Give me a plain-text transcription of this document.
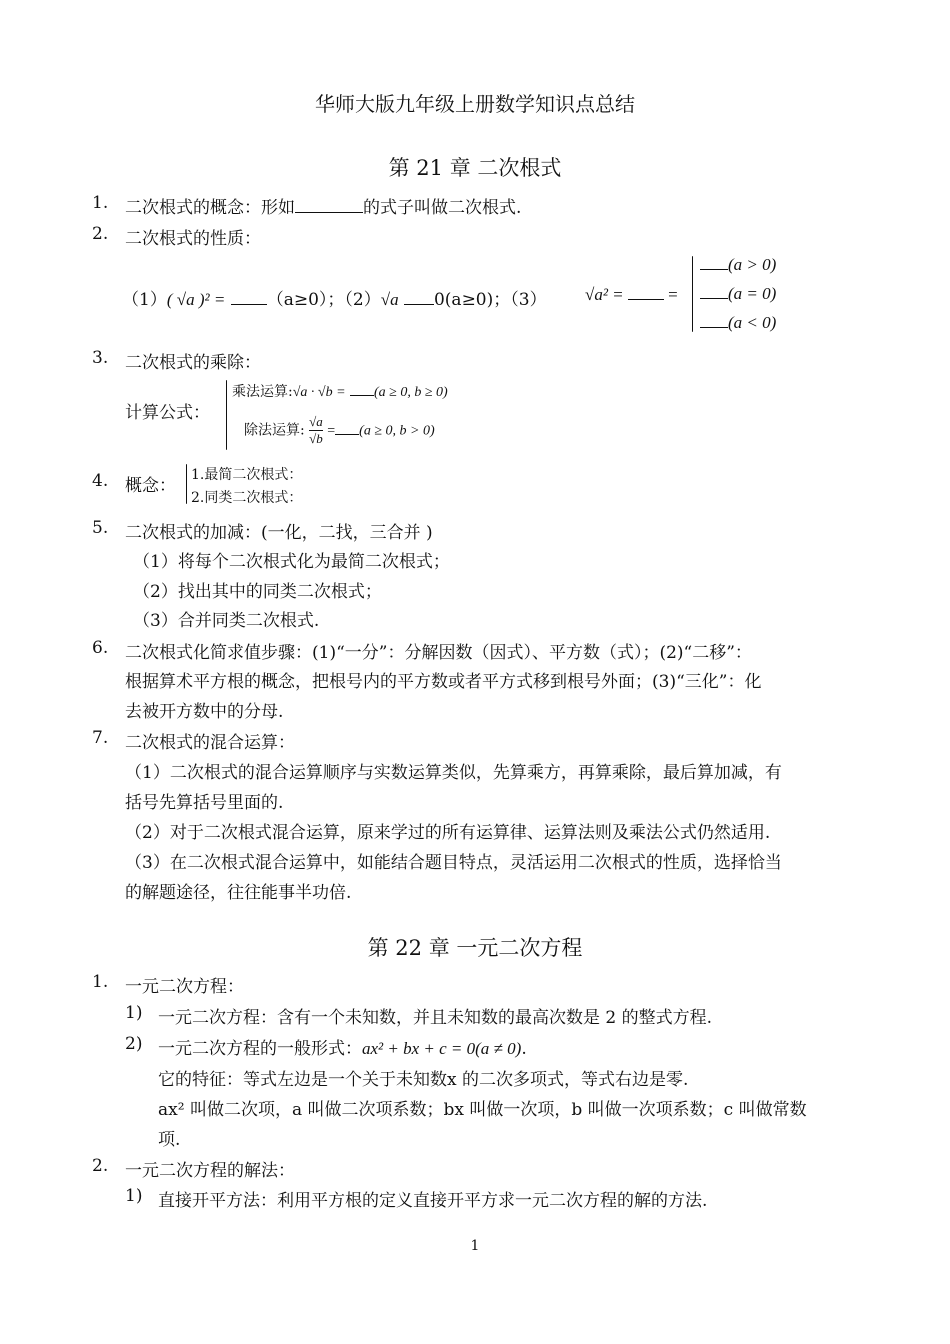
华师大版九年级上册数学知识点总结
第 21 章 二次根式
1. 二次根式的概念：形如	的式子叫做二次根式.
2. 二次根式的性质：
（1）( √a )² = （a≥0）；（2）√a 0(a≥0)；（3） √a² =	=
(a > 0)
(a = 0)
(a < 0)
3. 二次根式的乘除：
计算公式：
乘法运算:√a · √b = (a ≥ 0, b ≥ 0)
除法运算: $\frac{√a}{√b} = (a \ge 0$, b > 0)
4. 概念：
1.最简二次根式：
2.同类二次根式：
5. 二次根式的加减：(一化，二找，三合并 )
（1）将每个二次根式化为最简二次根式；
（2）找出其中的同类二次根式；
（3）合并同类二次根式.
6. 二次根式化简求值步骤：(1)“一分”：分解因数（因式）、平方数（式）；(2)“二移”：
根据算术平方根的概念，把根号内的平方数或者平方式移到根号外面；(3)“三化”：化
去被开方数中的分母.
7. 二次根式的混合运算：
（1）二次根式的混合运算顺序与实数运算类似，先算乘方，再算乘除，最后算加减，有
括号先算括号里面的.
（2）对于二次根式混合运算，原来学过的所有运算律、运算法则及乘法公式仍然适用.
（3）在二次根式混合运算中，如能结合题目特点，灵活运用二次根式的性质，选择恰当
的解题途径，往往能事半功倍.
第 22 章 一元二次方程
1. 一元二次方程：
1) 一元二次方程：含有一个未知数，并且未知数的最高次数是 2 的整式方程.
2) 一元二次方程的一般形式：ax² + bx + c = 0(a ≠ 0).
它的特征：等式左边是一个关于未知数x 的二次多项式，等式右边是零.
ax² 叫做二次项，a 叫做二次项系数；bx 叫做一次项，b 叫做一次项系数；c 叫做常数
项.
2. 一元二次方程的解法：
1) 直接开平方法：利用平方根的定义直接开平方求一元二次方程的解的方法.
1
